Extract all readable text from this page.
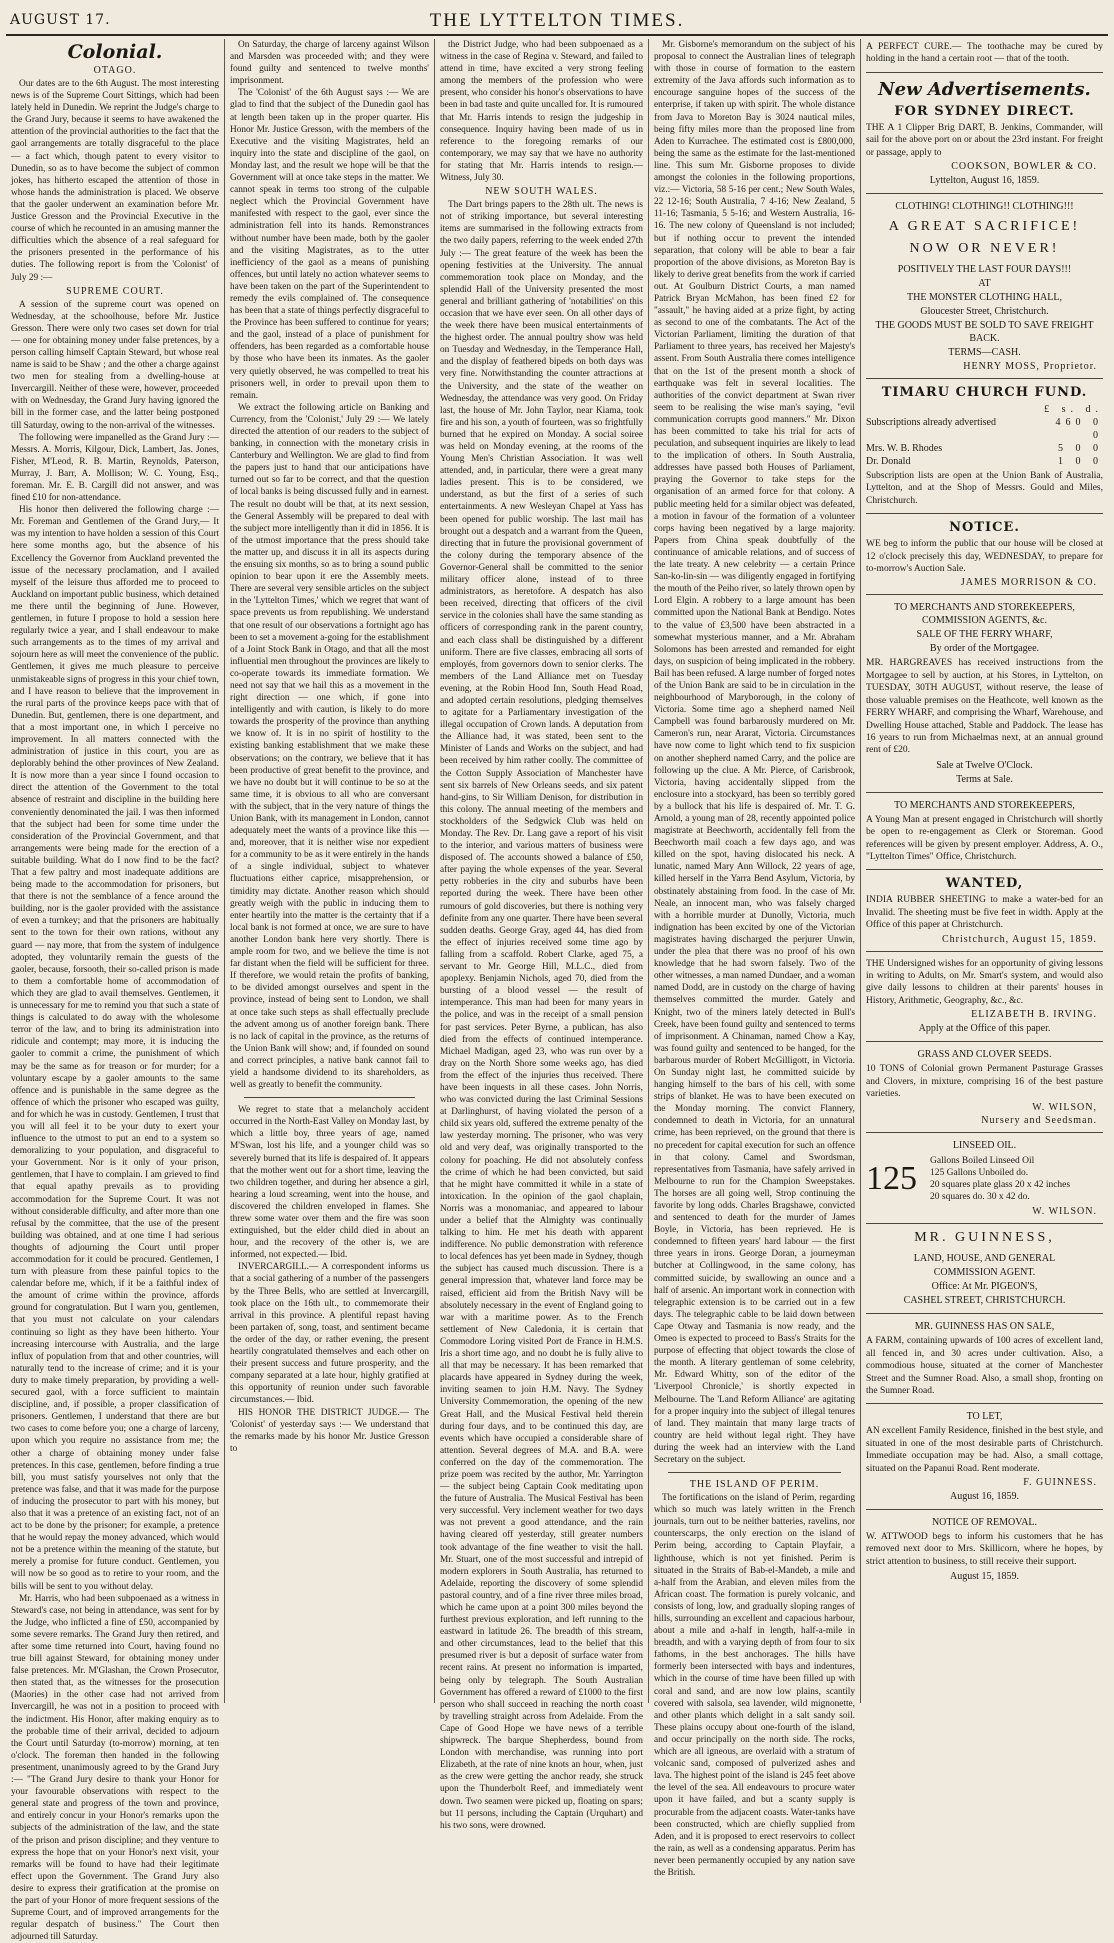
AUGUST 17.	THE LYTTELTON TIMES.
Colonial.
OTAGO.

Our dates are to the 6th August. The most interesting news is of the Supreme Court Sittings, which had been lately held in Dunedin. We reprint the Judge's charge to the Grand Jury, because it seems to have awakened the attention of the provincial authorities to the fact that the gaol arrangements are totally disgraceful to the place — a fact which, though patent to every visitor to Dunedin, so as to have become the subject of common jokes, has hitherto escaped the attention of those in whose hands the administration is placed. We observe that the gaoler underwent an examination before Mr. Justice Gresson and the Provincial Executive in the course of which he recounted in an amusing manner the difficulties which the absence of a real safeguard for the prisoners presented in the performance of his duties. The following report is from the 'Colonist' of July 29 :—

SUPREME COURT.

A session of the supreme court was opened on Wednesday, at the schoolhouse, before Mr. Justice Gresson. There were only two cases set down for trial — one for obtaining money under false pretences, by a person calling himself Captain Steward, but whose real name is said to be Shaw ; and the other a charge against two men for stealing from a dwelling-house at Invercargill. Neither of these were, however, proceeded with on Wednesday, the Grand Jury having ignored the bill in the former case, and the latter being postponed till Saturday, owing to the non-arrival of the witnesses.

The following were impanelled as the Grand Jury :— Messrs. A. Morris, Kilgour, Dick, Lambert, Jas. Jones, Fisher, M'Leod, R. B. Martin, Reynolds, Paterson, Murray, J. Barr, A. Mollison; W. C. Young, Esq., foreman. Mr. E. B. Cargill did not answer, and was fined £10 for non-attendance.

His honor then delivered the following charge :— Mr. Foreman and Gentlemen of the Grand Jury,— It was my intention to have holden a session of this Court here some months ago, but the absence of his Excellency the Governor from Auckland prevented the issue of the necessary proclamation, and I availed myself of the leisure thus afforded me to proceed to Auckland on important public business, which detained me there until the beginning of June. However, gentlemen, in future I propose to hold a session here regularly twice a year, and I shall endeavour to make such arrangements as to the times of my arrival and sojourn here as will meet the convenience of the public. Gentlemen, it gives me much pleasure to perceive unmistakeable signs of progress in this your chief town, and I have reason to believe that the improvement in the rural parts of the province keeps pace with that of Dunedin. But, gentlemen, there is one department, and that a most important one, in which I perceive no improvement. In all matters connected with the administration of justice in this court, you are as deplorably behind the other provinces of New Zealand. It is now more than a year since I found occasion to direct the attention of the Government to the total absence of restraint and discipline in the building here conveniently denominated the jail. I was then informed that the subject had been for some time under the consideration of the Provincial Government, and that arrangements were being made for the erection of a suitable building. What do I now find to be the fact? That a few paltry and most inadequate additions are being made to the accommodation for prisoners, but that there is not the semblance of a fence around the building, nor is the gaoler provided with the assistance of even a turnkey; and that the prisoners are habitually sent to the town for their own rations, without any guard — nay more, that from the system of indulgence adopted, they voluntarily remain the guests of the gaoler, because, forsooth, their so-called prison is made to them a comfortable home of accommodation of which they are glad to avail themselves. Gentlemen, it is unnecessary for me to remind you that such a state of things is calculated to do away with the wholesome terror of the law, and to bring its administration into ridicule and contempt; may more, it is inducing the gaoler to commit a crime, the punishment of which may be the same as for treason or for murder; for a voluntary escape by a gaoler amounts to the same offence and is punishable in the same degree as the offence of which the prisoner who escaped was guilty, and for which he was in custody. Gentlemen, I trust that you will all feel it to be your duty to exert your influence to the utmost to put an end to a system so demoralizing to your population, and disgraceful to your Government. Nor is it only of your prison, gentlemen, that I have to complain. I am grieved to find that equal apathy prevails as to providing accommodation for the Supreme Court. It was not without considerable difficulty, and after more than one refusal by the committee, that the use of the present building was obtained, and at one time I had serious thoughts of adjourning the Court until proper accommodation for it could be procured. Gentlemen, I turn with pleasure from these painful topics to the calendar before me, which, if it be a faithful index of the amount of crime within the province, affords ground for congratulation. But I warn you, gentlemen, that you must not calculate on your calendars continuing so light as they have been hitherto. Your increasing intercourse with Australia, and the large influx of population from that and other countries, will naturally tend to the increase of crime; and it is your duty to make timely preparation, by providing a well-secured gaol, with a force sufficient to maintain discipline, and, if possible, a proper classification of prisoners. Gentlemen, I understand that there are but two cases to come before you; one a charge of larceny, upon which you require no assistance from me; the other a charge of obtaining money under false pretences. In this case, gentlemen, before finding a true bill, you must satisfy yourselves not only that the pretence was false, and that it was made for the purpose of inducing the prosecutor to part with his money, but also that it was a pretence of an existing fact, not of an act to be done by the prisoner; for example, a pretence that he would repay the money advanced, which would not be a pretence within the meaning of the statute, but merely a promise for future conduct. Gentlemen, you will now be so good as to retire to your room, and the bills will be sent to you without delay.

Mr. Harris, who had been subpoenaed as a witness in Steward's case, not being in attendance, was sent for by the Judge, who inflicted a fine of £50, accompanied by some severe remarks. The Grand Jury then retired, and after some time returned into Court, having found no true bill against Steward, for obtaining money under false pretences. Mr. M'Glashan, the Crown Prosecutor, then stated that, as the witnesses for the prosecution (Maories) in the other case had not arrived from Invercargill, he was not in a position to proceed with the indictment. His Honor, after making enquiry as to the probable time of their arrival, decided to adjourn the Court until Saturday (to-morrow) morning, at ten o'clock. The foreman then handed in the following presentment, unanimously agreed to by the Grand Jury :— "The Grand Jury desire to thank your Honor for your favourable observations with respect to the general state and progress of the town and province, and entirely concur in your Honor's remarks upon the subjects of the administration of the law, and the state of the prison and prison discipline; and they venture to express the hope that on your Honor's next visit, your remarks will be found to have had their legitimate effect upon the Government. The Grand Jury also desire to express their gratification at the promise on the part of your Honor of more frequent sessions of the Supreme Court, and of improved arrangements for the regular despatch of business." The Court then adjourned till Saturday.

On Saturday, the charge of larceny against Wilson and Marsden was proceeded with; and they were found guilty and sentenced to twelve months' imprisonment.

The 'Colonist' of the 6th August says :— We are glad to find that the subject of the Dunedin gaol has at length been taken up in the proper quarter. His Honor Mr. Justice Gresson, with the members of the Executive and the visiting Magistrates, held an inquiry into the state and discipline of the gaol, on Monday last, and the result we hope will be that the Government will at once take steps in the matter. We cannot speak in terms too strong of the culpable neglect which the Provincial Government have manifested with respect to the gaol, ever since the administration fell into its hands. Remonstrances without number have been made, both by the gaoler and the visiting Magistrates, as to the utter inefficiency of the gaol as a means of punishing offences, but until lately no action whatever seems to have been taken on the part of the Superintendent to remedy the evils complained of. The consequence has been that a state of things perfectly disgraceful to the Province has been suffered to continue for years; and the gaol, instead of a place of punishment for offenders, has been regarded as a comfortable house by those who have been its inmates. As the gaoler very quietly observed, he was compelled to treat his prisoners well, in order to prevail upon them to remain.

We extract the following article on Banking and Currency, from the 'Colonist,' July 29 :— We lately directed the attention of our readers to the subject of banking, in connection with the monetary crisis in Canterbury and Wellington. We are glad to find from the papers just to hand that our anticipations have turned out so far to be correct, and that the question of local banks is being discussed fully and in earnest. The result no doubt will be that, at its next session, the General Assembly will be prepared to deal with the subject more intelligently than it did in 1856. It is of the utmost importance that the press should take the matter up, and discuss it in all its aspects during the ensuing six months, so as to bring a sound public opinion to bear upon it ere the Assembly meets. There are several very sensible articles on the subject in the 'Lyttelton Times,' which we regret that want of space prevents us from republishing. We understand that one result of our observations a fortnight ago has been to set a movement a-going for the establishment of a Joint Stock Bank in Otago, and that all the most influential men throughout the provinces are likely to co-operate towards its immediate formation. We need not say that we hail this as a movement in the right direction — one which, if gone into intelligently and with caution, is likely to do more towards the prosperity of the province than anything we know of. It is in no spirit of hostility to the existing banking establishment that we make these observations; on the contrary, we believe that it has been productive of great benefit to the province, and we have no doubt but it will continue to be so at the same time, it is obvious to all who are conversant with the subject, that in the very nature of things the Union Bank, with its management in London, cannot adequately meet the wants of a province like this — and, moreover, that it is neither wise nor expedient for a community to be as it were entirely in the hands of a single individual, subject to whatever fluctuations either caprice, misapprehension, or timidity may dictate. Another reason which should greatly weigh with the public in inducing them to enter heartily into the matter is the certainty that if a local bank is not formed at once, we are sure to have another London bank here very shortly. There is ample room for two, and we believe the time is not far distant when the field will be sufficient for three. If therefore, we would retain the profits of banking, to be divided amongst ourselves and spent in the province, instead of being sent to London, we shall at once take such steps as shall effectually preclude the advent among us of another foreign bank. There is no lack of capital in the province, as the returns of the Union Bank will show; and, if founded on sound and correct principles, a native bank cannot fail to yield a handsome dividend to its shareholders, as well as greatly to benefit the community.

We regret to state that a melancholy accident occurred in the North-East Valley on Monday last, by which a little boy, three years of age, named M'Swan, lost his life, and a younger child was so severely burned that its life is despaired of. It appears that the mother went out for a short time, leaving the two children together, and during her absence a girl, hearing a loud screaming, went into the house, and discovered the children enveloped in flames. She threw some water over them and the fire was soon extinguished, but the elder child died in about an hour, and the recovery of the other is, we are informed, not expected.— Ibid.

INVERCARGILL.— A correspondent informs us that a social gathering of a number of the passengers by the Three Bells, who are settled at Invercargill, took place on the 16th ult., to commemorate their arrival in this province. A plentiful repast having been partaken of, song, toast, and sentiment became the order of the day, or rather evening, the present heartily congratulated themselves and each other on their present success and future prosperity, and the company separated at a late hour, highly gratified at this opportunity of reunion under such favorable circumstances.— Ibid.

HIS HONOR THE DISTRICT JUDGE.— The 'Colonist' of yesterday says :— We understand that the remarks made by his honor Mr. Justice Gresson to

the District Judge, who had been subpoenaed as a witness in the case of Regina v. Steward, and failed to attend in time, have excited a very strong feeling among the members of the profession who were present, who consider his honor's observations to have been in bad taste and quite uncalled for. It is rumoured that Mr. Harris intends to resign the judgeship in consequence. Inquiry having been made of us in reference to the foregoing remarks of our contemporary, we may say that we have no authority for stating that Mr. Harris intends to resign.— Witness, July 30.

NEW SOUTH WALES.

The Dart brings papers to the 28th ult. The news is not of striking importance, but several interesting items are summarised in the following extracts from the two daily papers, referring to the week ended 27th July :— The great feature of the week has been the opening festivities at the University. The annual commemoration took place on Monday, and the splendid Hall of the University presented the most general and brilliant gathering of 'notabilities' on this occasion that we have ever seen. On all other days of the week there have been musical entertainments of the highest order. The annual poultry show was held on Tuesday and Wednesday, in the Temperance Hall, and the display of feathered bipeds on both days was very fine. Notwithstanding the counter attractions at the University, and the state of the weather on Wednesday, the attendance was very good. On Friday last, the house of Mr. John Taylor, near Kiama, took fire and his son, a youth of fourteen, was so frightfully burned that he expired on Monday. A social soiree was held on Monday evening, at the rooms of the Young Men's Christian Association. It was well attended, and, in particular, there were a great many ladies present. This is to be considered, we understand, as but the first of a series of such entertainments. A new Wesleyan Chapel at Yass has been opened for public worship. The last mail has brought out a despatch and a warrant from the Queen, directing that in future the provisional government of the colony during the temporary absence of the Governor-General shall be committed to the senior military officer alone, instead of to three administrators, as heretofore. A despatch has also been received, directing that officers of the civil service in the colonies shall have the same standing as officers of corresponding rank in the parent country, and each class shall be distinguished by a different uniform. There are five classes, embracing all sorts of employés, from governors down to senior clerks. The members of the Land Alliance met on Tuesday evening, at the Robin Hood Inn, South Head Road, and adopted certain resolutions, pledging themselves to agitate for a Parliamentary investigation of the illegal occupation of Crown lands. A deputation from the Alliance had, it was stated, been sent to the Minister of Lands and Works on the subject, and had been received by him rather coolly. The committee of the Cotton Supply Association of Manchester have sent six barrels of New Orleans seeds, and six patent hand-gins, to Sir William Denison, for distribution in this colony. The annual meeting of the members and stockholders of the Sedgwick Club was held on Monday. The Rev. Dr. Lang gave a report of his visit to the interior, and various matters of business were disposed of. The accounts showed a balance of £50, after paying the whole expenses of the year. Several petty robberies in the city and suburbs have been reported during the week. There have been other rumours of gold discoveries, but there is nothing very definite from any one quarter. There have been several sudden deaths. George Gray, aged 44, has died from the effect of injuries received some time ago by falling from a scaffold. Robert Clarke, aged 75, a servant to Mr. George Hill, M.L.C., died from apoplexy. Benjamin Nichols, aged 70, died from the bursting of a blood vessel — the result of intemperance. This man had been for many years in the police, and was in the receipt of a small pension for past services. Peter Byrne, a publican, has also died from the effects of continued intemperance. Michael Madigan, aged 23, who was run over by a dray on the North Shore some weeks ago, has died from the effect of the injuries thus received. There have been inquests in all these cases. John Norris, who was convicted during the last Criminal Sessions at Darlinghurst, of having violated the person of a child six years old, suffered the extreme penalty of the law yesterday morning. The prisoner, who was very old and very deaf, was originally transported to the colony for poaching. He did not absolutely confess the crime of which he had been convicted, but said that he might have committed it while in a state of intoxication. In the opinion of the gaol chaplain, Norris was a monomaniac, and appeared to labour under a belief that the Almighty was continually talking to him. He met his death with apparent indifference. No public demonstration with reference to local defences has yet been made in Sydney, though the subject has caused much discussion. There is a general impression that, whatever land force may be raised, efficient aid from the British Navy will be absolutely necessary in the event of England going to war with a maritime power. As to the French settlement of New Caledonia, it is certain that Commodore Loring visited Port de France in H.M.S. Iris a short time ago, and no doubt he is fully alive to all that may be necessary. It has been remarked that placards have appeared in Sydney during the week, inviting seamen to join H.M. Navy. The Sydney University Commemoration, the opening of the new Great Hall, and the Musical Festival held therein during four days, and to be continued this day, are events which have occupied a considerable share of attention. Several degrees of M.A. and B.A. were conferred on the day of the commemoration. The prize poem was recited by the author, Mr. Yarrington — the subject being Captain Cook meditating upon the future of Australia. The Musical Festival has been very successful. Very inclement weather for two days was not prevent a good attendance, and the rain having cleared off yesterday, still greater numbers took advantage of the fine weather to visit the hall. Mr. Stuart, one of the most successful and intrepid of modern explorers in South Australia, has returned to Adelaide, reporting the discovery of some splendid pastoral country, and of a fine river three miles broad, which he came upon at a point 300 miles beyond the furthest previous exploration, and left running to the eastward in latitude 26. The breadth of this stream, and other circumstances, lead to the belief that this presumed river is but a deposit of surface water from recent rains. At present no information is imparted, being only by telegraph. The South Australian Government has offered a reward of £1000 to the first person who shall succeed in reaching the north coast by travelling straight across from Adelaide. From the Cape of Good Hope we have news of a terrible shipwreck. The barque Shepherdess, bound from London with merchandise, was running into port Elizabeth, at the rate of nine knots an hour, when, just as the crew were getting the anchor ready, she struck upon the Thunderbolt Reef, and immediately went down. Two seamen were picked up, floating on spars; but 11 persons, including the Captain (Urquhart) and his two sons, were drowned.

Mr. Gisborne's memorandum on the subject of his proposal to connect the Australian lines of telegraph with those in course of formation to the eastern extremity of the Java affords such information as to encourage sanguine hopes of the success of the enterprise, if taken up with spirit. The whole distance from Java to Moreton Bay is 3024 nautical miles, being fifty miles more than the proposed line from Aden to Kurrachee. The estimated cost is £800,000, being the same as the estimate for the last-mentioned line. This sum Mr. Gisborne proposes to divide amongst the colonies in the following proportions, viz.:— Victoria, 58 5-16 per cent.; New South Wales, 22 12-16; South Australia, 7 4-16; New Zealand, 5 11-16; Tasmania, 5 5-16; and Western Australia, 16-16. The new colony of Queensland is not included; but if nothing occur to prevent the intended separation, that colony will be able to bear a fair proportion of the above divisions, as Moreton Bay is likely to derive great benefits from the work if carried out. At Goulburn District Courts, a man named Patrick Bryan McMahon, has been fined £2 for "assault," he having aided at a prize fight, by acting as second to one of the combatants. The Act of the Victorian Parliament, limiting the duration of that Parliament to three years, has received her Majesty's assent. From South Australia there comes intelligence that on the 1st of the present month a shock of earthquake was felt in several localities. The authorities of the convict department at Swan river seem to be realising the wise man's saying, "evil communication corrupts good manners." Mr. Dixon has been committed to take his trial for acts of peculation, and subsequent inquiries are likely to lead to the implication of others. In South Australia, addresses have passed both Houses of Parliament, praying the Governor to take steps for the organisation of an armed force for that colony. A public meeting held for a similar object was defeated, a motion in favour of the formation of a volunteer corps having been negatived by a large majority. Papers from China speak doubtfully of the continuance of amicable relations, and of success of the late treaty. A new celebrity — a certain Prince San-ko-lin-sin — was diligently engaged in fortifying the mouth of the Peiho river, so lately thrown open by Lord Elgin. A robbery to a large amount has been committed upon the National Bank at Bendigo. Notes to the value of £3,500 have been abstracted in a somewhat mysterious manner, and a Mr. Abraham Solomons has been arrested and remanded for eight days, on suspicion of being implicated in the robbery. Bail has been refused. A large number of forged notes of the Union Bank are said to be in circulation in the neighbourhood of Maryborough, in the colony of Victoria. Some time ago a shepherd named Neil Campbell was found barbarously murdered on Mr. Cameron's run, near Ararat, Victoria. Circumstances have now come to light which tend to fix suspicion on another shepherd named Carry, and the police are following up the clue. A Mr. Pierce, of Carisbrook, Victoria, having accidentally slipped from the enclosure into a stockyard, has been so terribly gored by a bullock that his life is despaired of. Mr. T. G. Arnold, a young man of 28, recently appointed police magistrate at Beechworth, accidentally fell from the Beechworth mail coach a few days ago, and was killed on the spot, having dislocated his neck. A lunatic, named Mary Ann Willock, 22 years of age, killed herself in the Yarra Bend Asylum, Victoria, by obstinately abstaining from food. In the case of Mr. Neale, an innocent man, who was falsely charged with a horrible murder at Dunolly, Victoria, much indignation has been excited by one of the Victorian magistrates having discharged the perjurer Unwin, under the plea that there was no proof of his own knowledge that he had sworn falsely. Two of the other witnesses, a man named Dundaer, and a woman named Dodd, are in custody on the charge of having themselves committed the murder. Gately and Knight, two of the miners lately detected in Bull's Creek, have been found guilty and sentenced to terms of imprisonment. A Chinaman, named Chow a Kay, was found guilty and sentenced to be hanged, for the barbarous murder of Robert McGilligott, in Victoria. On Sunday night last, he committed suicide by hanging himself to the bars of his cell, with some strips of blanket. He was to have been executed on the Monday morning. The convict Flannery, condemned to death in Victoria, for an unnatural crime, has been reprieved, on the ground that there is no precedent for capital execution for such an offence in that colony. Camel and Swordsman, representatives from Tasmania, have safely arrived in Melbourne to run for the Champion Sweepstakes. The horses are all going well, Strop continuing the favorite by long odds. Charles Bragshawe, convicted and sentenced to death for the murder of James Boyle, in Victoria, has been reprieved. He is condemned to fifteen years' hard labour — the first three years in irons. George Doran, a journeyman butcher at Collingwood, in the same colony, has committed suicide, by swallowing an ounce and a half of arsenic. An important work in connection with telegraphic extension is to be carried out in a few days. The telegraphic cable to be laid down between Cape Otway and Tasmania is now ready, and the Omeo is expected to proceed to Bass's Straits for the purpose of effecting that object towards the close of the month. A literary gentleman of some celebrity, Mr. Edward Whitty, son of the editor of the 'Liverpool Chronicle,' is shortly expected in Melbourne. The 'Land Reform Alliance' are agitating for a proper inquiry into the subject of illegal tenures of land. They maintain that many large tracts of country are held without legal right. They have during the week had an interview with the Land Secretary on the subject.

THE ISLAND OF PERIM.

The fortifications on the island of Perim, regarding which so much was lately written in the French journals, turn out to be neither batteries, ravelins, nor counterscarps, the only erection on the island of Perim being, according to Captain Playfair, a lighthouse, which is not yet finished. Perim is situated in the Straits of Bab-el-Mandeb, a mile and a-half from the Arabian, and eleven miles from the African coast. The formation is purely volcanic, and consists of long, low, and gradually sloping ranges of hills, surrounding an excellent and capacious harbour, about a mile and a-half in length, half-a-mile in breadth, and with a varying depth of from four to six fathoms, in the best anchorages. The hills have formerly been intersected with bays and indentures, which in the course of time have been filled up with coral and sand, and are now low plains, scantily covered with salsola, sea lavender, wild mignonette, and other plants which delight in a salt sandy soil. These plains occupy about one-fourth of the island, and occur principally on the north side. The rocks, which are all igneous, are overlaid with a stratum of volcanic sand, composed of pulverized ashes and lava. The highest point of the island is 245 feet above the level of the sea. All endeavours to procure water upon it have failed, and but a scanty supply is procurable from the adjacent coasts. Water-tanks have been constructed, which are chiefly supplied from Aden, and it is proposed to erect reservoirs to collect the rain, as well as a condensing apparatus. Perim has never been permanently occupied by any nation save the British.

A PERFECT CURE.— The toothache may be cured by holding in the hand a certain root — that of the tooth.

New Advertisements.
FOR SYDNEY DIRECT.

THE A 1 Clipper Brig DART, B. Jenkins, Commander, will sail for the above port on or about the 23rd instant. For freight or passage, apply to

COOKSON, BOWLER & CO.
Lyttelton, August 16, 1859.
CLOTHING! CLOTHING!! CLOTHING!!!
A GREAT SACRIFICE!
NOW OR NEVER!
POSITIVELY THE LAST FOUR DAYS!!!
AT
THE MONSTER CLOTHING HALL,
Gloucester Street, Christchurch.
THE GOODS MUST BE SOLD TO SAVE FREIGHT BACK.
TERMS—CASH.
HENRY MOSS, Proprietor.
TIMARU CHURCH FUND.
£ s. d.
Subscriptions already advertised	460 0 0
Mrs. W. B. Rhodes	5 0 0
Dr. Donald	1 0 0

Subscription lists are open at the Union Bank of Australia, Lyttelton, and at the Shop of Messrs. Gould and Miles, Christchurch.

NOTICE.

WE beg to inform the public that our house will be closed at 12 o'clock precisely this day, WEDNESDAY, to prepare for to-morrow's Auction Sale.

JAMES MORRISON & CO.
TO MERCHANTS AND STOREKEEPERS, COMMISSION AGENTS, &c.
SALE OF THE FERRY WHARF,
By order of the Mortgagee.

MR. HARGREAVES has received instructions from the Mortgagee to sell by auction, at his Stores, in Lyttelton, on TUESDAY, 30TH AUGUST, without reserve, the lease of those valuable premises on the Heathcote, well known as the FERRY WHARF, and comprising the Wharf, Warehouse, and Dwelling House attached, Stable and Paddock. The lease has 16 years to run from Michaelmas next, at an annual ground rent of £20.

Sale at Twelve O'Clock.
Terms at Sale.
TO MERCHANTS AND STOREKEEPERS,

A Young Man at present engaged in Christchurch will shortly be open to re-engagement as Clerk or Storeman. Good references will be given by present employer. Address, A. O., "Lyttelton Times" Office, Christchurch.

WANTED,

INDIA RUBBER SHEETING to make a water-bed for an Invalid. The sheeting must be five feet in width. Apply at the Office of this paper at Christchurch.

Christchurch, August 15, 1859.

THE Undersigned wishes for an opportunity of giving lessons in writing to Adults, on Mr. Smart's system, and would also give daily lessons to children at their parents' houses in History, Arithmetic, Geography, &c., &c.

ELIZABETH B. IRVING.
Apply at the Office of this paper.
GRASS AND CLOVER SEEDS.

10 TONS of Colonial grown Permanent Pasturage Grasses and Clovers, in mixture, comprising 16 of the best pasture varieties.

W. WILSON,
Nursery and Seedsman.
LINSEED OIL.
125	Gallons Boiled Linseed Oil
125 Gallons Unboiled do.
20 squares plate glass 20 x 42 inches
20 squares do. 30 x 42 do.
W. WILSON.
MR. GUINNESS,
LAND, HOUSE, AND GENERAL
COMMISSION AGENT.
Office: At Mr. PIGEON'S,
CASHEL STREET, CHRISTCHURCH.
MR. GUINNESS HAS ON SALE,

A FARM, containing upwards of 100 acres of excellent land, all fenced in, and 30 acres under cultivation. Also, a commodious house, situated at the corner of Manchester Street and the Sumner Road. Also, a small shop, fronting on the Sumner Road.

TO LET,

AN excellent Family Residence, finished in the best style, and situated in one of the most desirable parts of Christchurch. Immediate occupation may be had. Also, a small cottage, situated on the Papanui Road. Rent moderate.

F. GUINNESS.
August 16, 1859.
NOTICE OF REMOVAL.

W. ATTWOOD begs to inform his customers that he has removed next door to Mrs. Skillicorn, where he hopes, by strict attention to business, to still receive their support.

August 15, 1859.
